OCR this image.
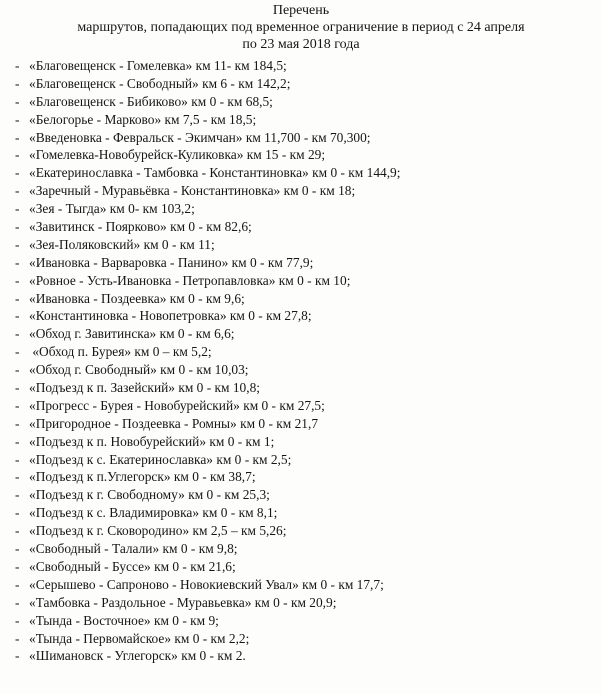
Перечень
маршрутов, попадающих под временное ограничение в период с 24 апреля
по 23 мая 2018 года
- «Благовещенск - Гомелевка» км 11- км 184,5;
- «Благовещенск - Свободный» км 6 - км 142,2;
- «Благовещенск - Бибиково» км 0 - км 68,5;
- «Белогорье - Марково» км 7,5 - км 18,5;
- «Введеновка - Февральск - Экимчан» км 11,700 - км 70,300;
- «Гомелевка-Новобурейск-Куликовка» км 15 - км 29;
- «Екатеринославка - Тамбовка - Константиновка» км 0 - км 144,9;
- «Заречный - Муравьёвка - Константиновка» км 0 - км 18;
- «Зея - Тыгда» км 0- км 103,2;
- «Завитинск - Поярково» км 0 - км 82,6;
- «Зея-Поляковский» км 0 - км 11;
- «Ивановка - Варваровка - Панино» км 0 - км 77,9;
- «Ровное - Усть-Ивановка - Петропавловка» км 0 - км 10;
- «Ивановка - Поздеевка» км 0 - км 9,6;
- «Константиновка - Новопетровка» км 0 - км 27,8;
- «Обход г. Завитинска» км 0 - км 6,6;
- «Обход п. Бурея» км 0 – км 5,2;
- «Обход г. Свободный» км 0 - км 10,03;
- «Подъезд к п. Зазейский» км 0 - км 10,8;
- «Прогресс - Бурея - Новобурейский» км 0 - км 27,5;
- «Пригородное - Поздеевка - Ромны» км 0 - км 21,7
- «Подъезд к п. Новобурейский» км 0 - км 1;
- «Подъезд к с. Екатеринославка» км 0 - км 2,5;
- «Подъезд к п.Углегорск» км 0 - км 38,7;
- «Подъезд к г. Свободному» км 0 - км 25,3;
- «Подъезд к с. Владимировка» км 0 - км 8,1;
- «Подъезд к г. Сковородино» км 2,5 – км 5,26;
- «Свободный - Талали» км 0 - км 9,8;
- «Свободный - Буссе» км 0 - км 21,6;
- «Серышево - Сапроново - Новокиевский Увал» км 0 - км 17,7;
- «Тамбовка - Раздольное - Муравьевка» км 0 - км 20,9;
- «Тында - Восточное» км 0 - км 9;
- «Тында - Первомайское» км 0 - км 2,2;
- «Шимановск - Углегорск» км 0 - км 2.
